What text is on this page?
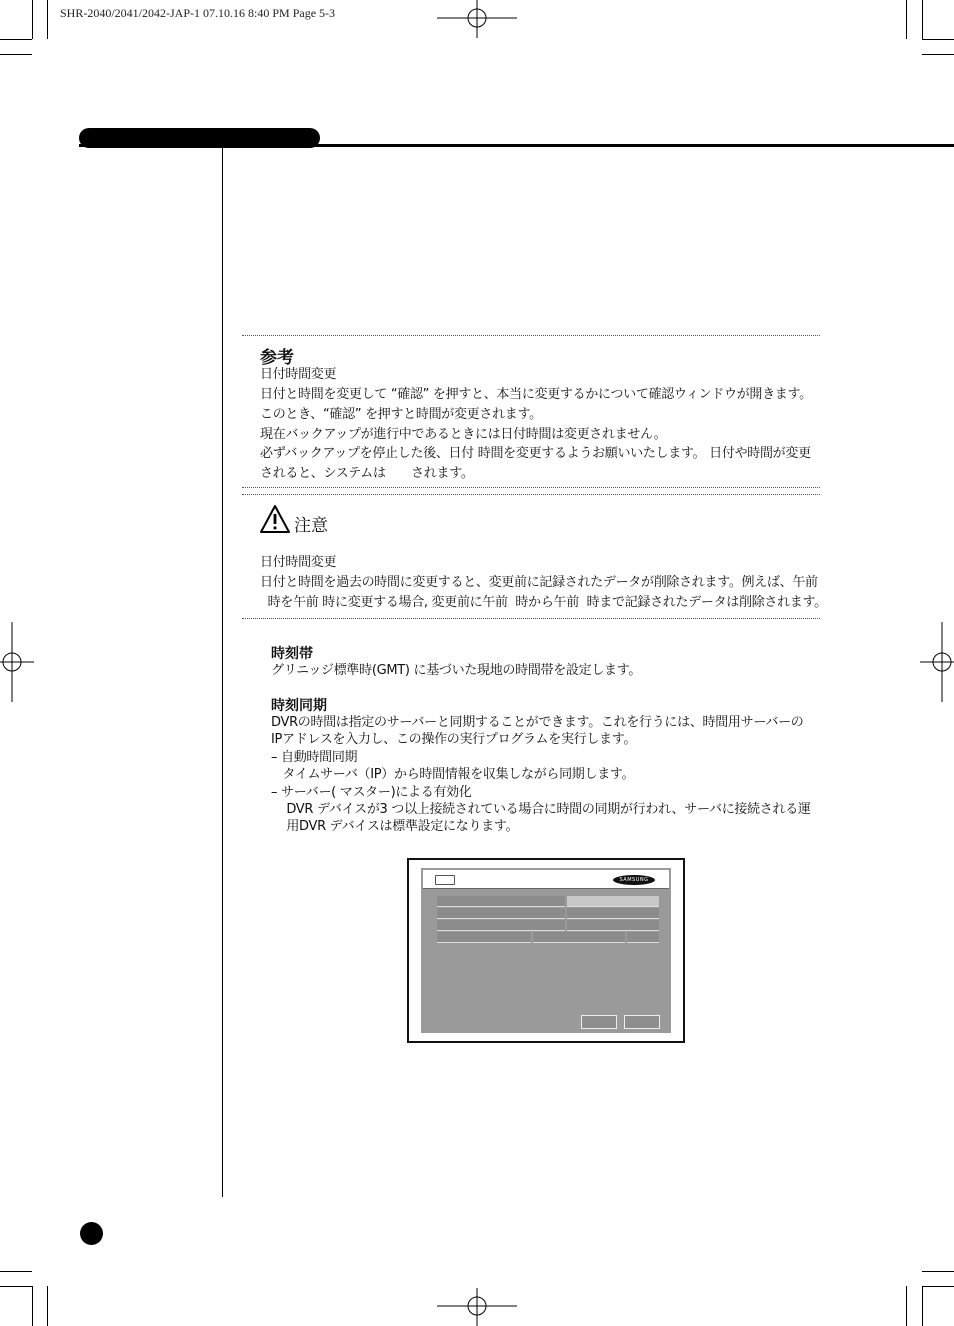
SHR-2040/2041/2042-JAP-1 07.10.16 8:40 PM Page 5-3
参考
日付時間変更
日付と時間を変更して “確認” を押すと、本当に変更するかについて確認ウィンドウが開きます。
このとき、“確認” を押すと時間が変更されます。
現在バックアップが進行中であるときには日付時間は変更されません。
必ずバックアップを停止した後、日付 時間を変更するようお願いいたします。 日付や時間が変更
されると、システムは　　されます。
注意
日付時間変更
日付と時間を過去の時間に変更すると、変更前に記録されたデータが削除されます。例えば、午前
時を午前 時に変更する場合, 変更前に午前  時から午前  時まで記録されたデータは削除されます。
時刻帯
グリニッジ標準時(GMT) に基づいた現地の時間帯を設定します。
時刻同期
DVRの時間は指定のサーバーと同期することができます。これを行うには、時間用サーバーの
IPアドレスを入力し、この操作の実行プログラムを実行します。
– 自動時間同期
タイムサーバ（IP）から時間情報を収集しながら同期します。
– サーバー( マスター)による有効化
DVR デバイスが3 つ以上接続されている場合に時間の同期が行われ、サーバに接続される運
用DVR デバイスは標準設定になります。
SAMSUNG
